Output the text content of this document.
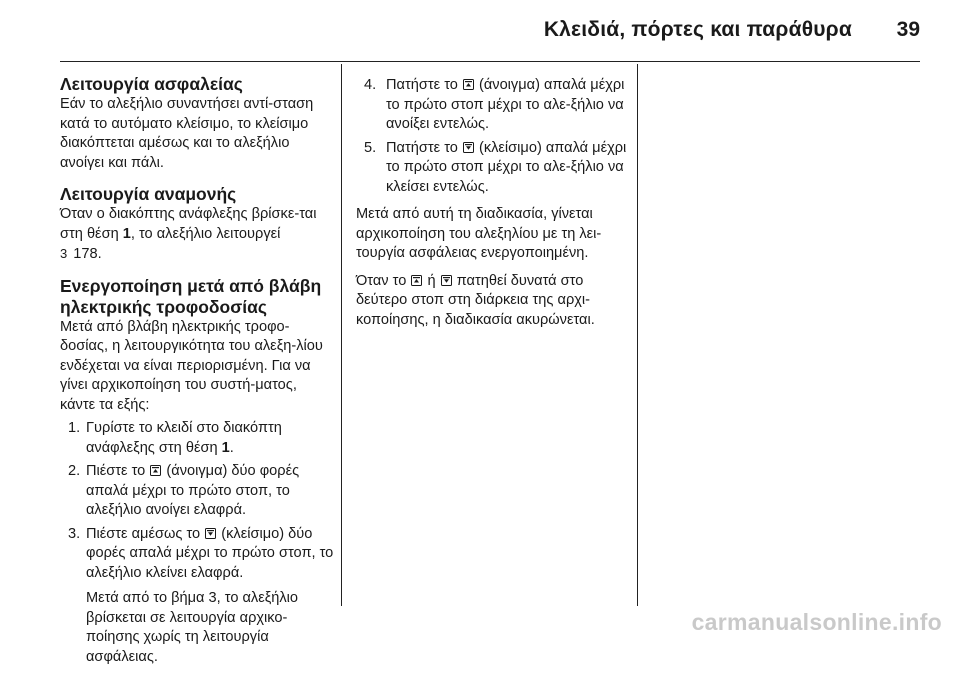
Κλειδιά, πόρτες και παράθυρα 39
Λειτουργία ασφαλείας

Εάν το αλεξήλιο συναντήσει αντί-σταση κατά το αυτόματο κλείσιμο, το κλείσιμο διακόπτεται αμέσως και το αλεξήλιο ανοίγει και πάλι.

Λειτουργία αναμονής

Όταν ο διακόπτης ανάφλεξης βρίσκε-ται στη θέση 1, το αλεξήλιο λειτουργεί
3 178.

Ενεργοποίηση μετά από βλάβη ηλεκτρικής τροφοδοσίας

Μετά από βλάβη ηλεκτρικής τροφο-δοσίας, η λειτουργικότητα του αλεξη-λίου ενδέχεται να είναι περιορισμένη. Για να γίνει αρχικοποίηση του συστή-ματος, κάντε τα εξής:

1. Γυρίστε το κλειδί στο διακόπτη ανάφλεξης στη θέση 1.
2. Πιέστε το
(άνοιγμα) δύο φορές απαλά μέχρι το πρώτο στοπ, το αλεξήλιο ανοίγει ελαφρά.
3. Πιέστε αμέσως το
(κλείσιμο) δύο φορές απαλά μέχρι το πρώτο στοπ, το αλεξήλιο κλείνει ελαφρά.

Μετά από το βήμα 3, το αλεξήλιο βρίσκεται σε λειτουργία αρχικο-ποίησης χωρίς τη λειτουργία ασφάλειας.

4. Πατήστε το
(άνοιγμα) απαλά μέχρι το πρώτο στοπ μέχρι το αλε-ξήλιο να ανοίξει εντελώς.
5. Πατήστε το
(κλείσιμο) απαλά μέχρι το πρώτο στοπ μέχρι το αλε-ξήλιο να κλείσει εντελώς.

Μετά από αυτή τη διαδικασία, γίνεται αρχικοποίηση του αλεξηλίου με τη λει-τουργία ασφάλειας ενεργοποιημένη.

Όταν το
ή
πατηθεί δυνατά στο δεύτερο στοπ στη διάρκεια της αρχι-κοποίησης, η διαδικασία ακυρώνεται.

carmanualsonline.info
